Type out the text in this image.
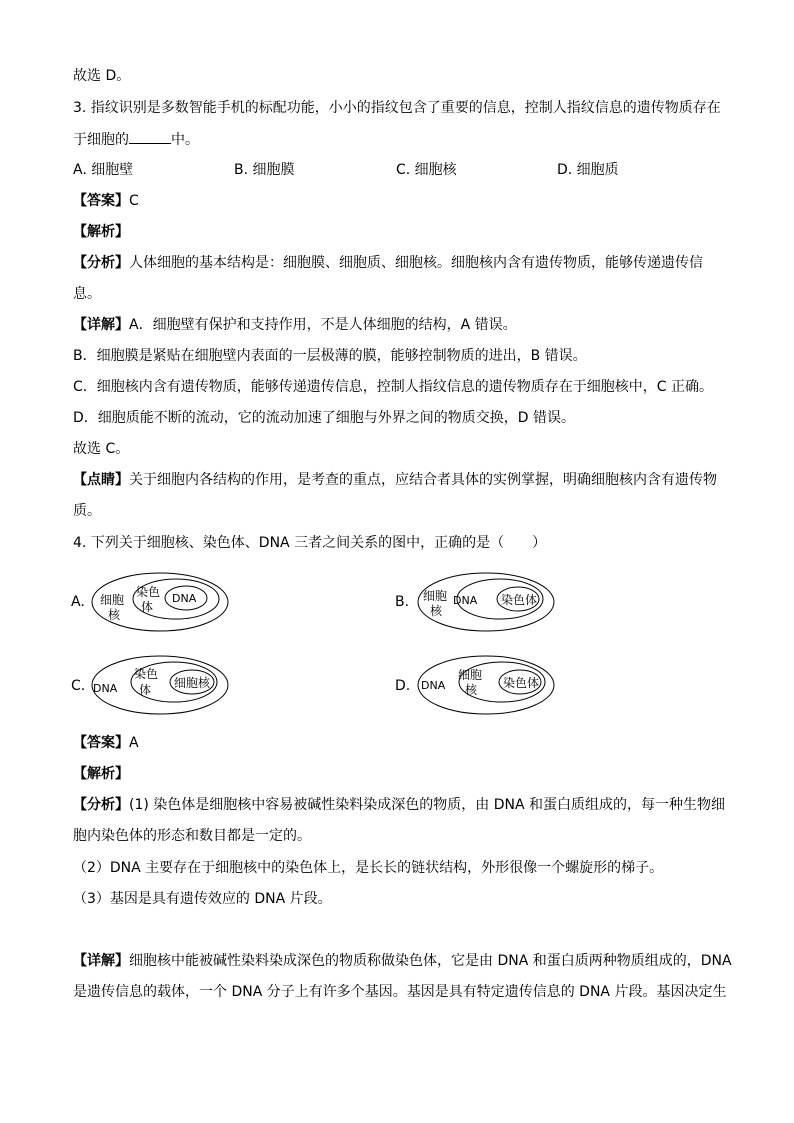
故选 D。
3. 指纹识别是多数智能手机的标配功能，小小的指纹包含了重要的信息，控制人指纹信息的遗传物质存在
于细胞的	中。
A. 细胞壁	B. 细胞膜	C. 细胞核	D. 细胞质
【答案】C
【解析】
【分析】人体细胞的基本结构是：细胞膜、细胞质、细胞核。细胞核内含有遗传物质，能够传递遗传信
息。
【详解】A．细胞壁有保护和支持作用，不是人体细胞的结构，A 错误。
B．细胞膜是紧贴在细胞壁内表面的一层极薄的膜，能够控制物质的进出，B 错误。
C．细胞核内含有遗传物质，能够传递遗传信息，控制人指纹信息的遗传物质存在于细胞核中，C 正确。
D．细胞质能不断的流动，它的流动加速了细胞与外界之间的物质交换，D 错误。
故选 C。
【点睛】关于细胞内各结构的作用，是考查的重点，应结合者具体的实例掌握，明确细胞核内含有遗传物
质。
4. 下列关于细胞核、染色体、DNA 三者之间关系的图中，正确的是（　　）
A. 细胞
核
染色
体
DNA	B. 细胞
核
DNA 染色体
C. DNA
染色
体 细胞核	D. DNA
细胞
核 染色体
【答案】A
【解析】
【分析】(1) 染色体是细胞核中容易被碱性染料染成深色的物质，由 DNA 和蛋白质组成的，每一种生物细
胞内染色体的形态和数目都是一定的。
（2）DNA 主要存在于细胞核中的染色体上，是长长的链状结构，外形很像一个螺旋形的梯子。
（3）基因是具有遗传效应的 DNA 片段。
【详解】细胞核中能被碱性染料染成深色的物质称做染色体，它是由 DNA 和蛋白质两种物质组成的，DNA
是遗传信息的载体，一个 DNA 分子上有许多个基因。基因是具有特定遗传信息的 DNA 片段。基因决定生
